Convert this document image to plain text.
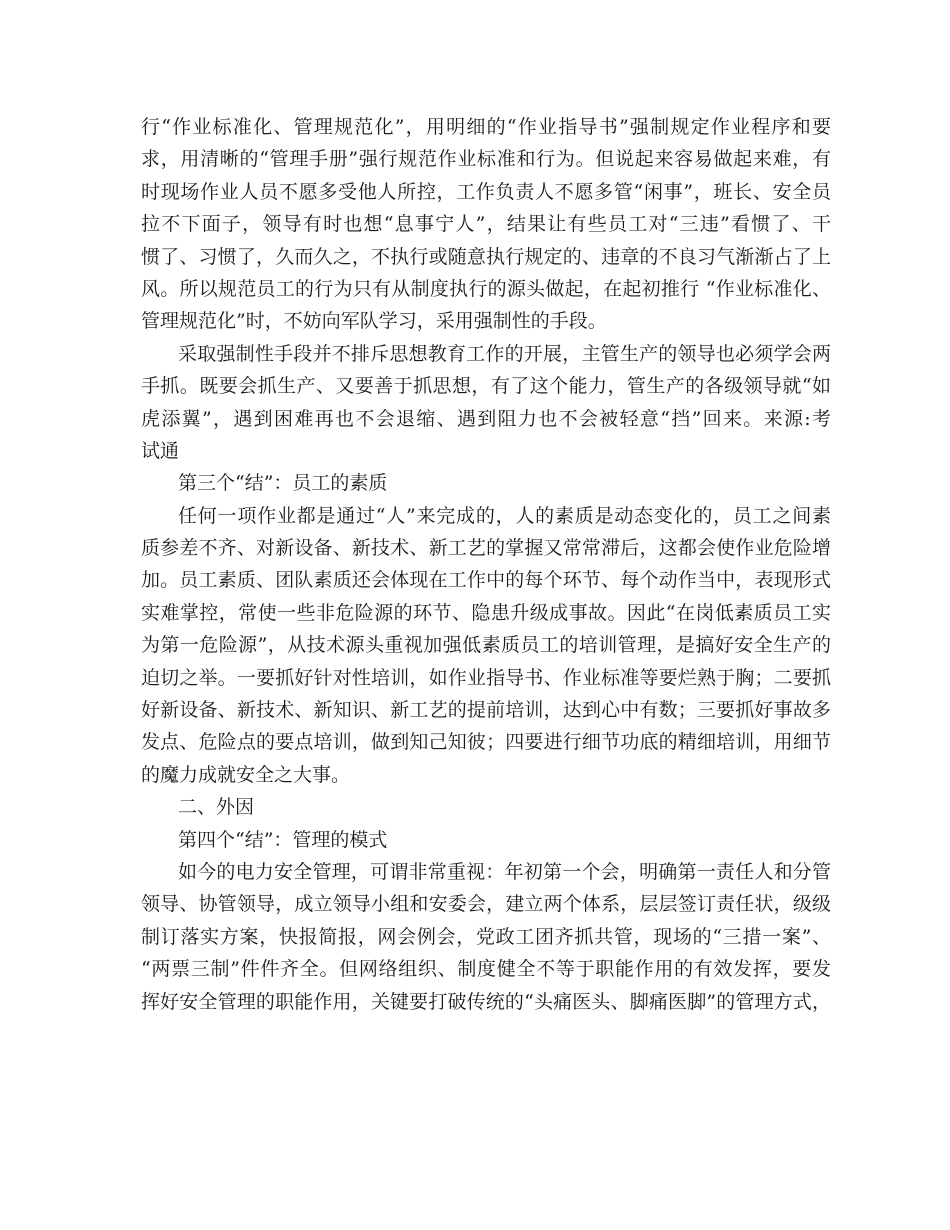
行“作业标准化、管理规范化”，用明细的“作业指导书”强制规定作业程序和要
求，用清晰的“管理手册”强行规范作业标准和行为。但说起来容易做起来难，有
时现场作业人员不愿多受他人所控，工作负责人不愿多管“闲事”，班长、安全员
拉不下面子，领导有时也想“息事宁人”，结果让有些员工对“三违”看惯了、干
惯了、习惯了，久而久之，不执行或随意执行规定的、违章的不良习气渐渐占了上
风。所以规范员工的行为只有从制度执行的源头做起，在起初推行 “作业标准化、
管理规范化”时，不妨向军队学习，采用强制性的手段。
采取强制性手段并不排斥思想教育工作的开展，主管生产的领导也必须学会两
手抓。既要会抓生产、又要善于抓思想，有了这个能力，管生产的各级领导就“如
虎添翼”，遇到困难再也不会退缩、遇到阻力也不会被轻意“挡”回来。来源:考
试通
第三个“结”：员工的素质
任何一项作业都是通过“人”来完成的，人的素质是动态变化的，员工之间素
质参差不齐、对新设备、新技术、新工艺的掌握又常常滞后，这都会使作业危险增
加。员工素质、团队素质还会体现在工作中的每个环节、每个动作当中，表现形式
实难掌控，常使一些非危险源的环节、隐患升级成事故。因此“在岗低素质员工实
为第一危险源”，从技术源头重视加强低素质员工的培训管理，是搞好安全生产的
迫切之举。一要抓好针对性培训，如作业指导书、作业标准等要烂熟于胸；二要抓
好新设备、新技术、新知识、新工艺的提前培训，达到心中有数；三要抓好事故多
发点、危险点的要点培训，做到知己知彼；四要进行细节功底的精细培训，用细节
的魔力成就安全之大事。
二、外因
第四个“结”：管理的模式
如今的电力安全管理，可谓非常重视：年初第一个会，明确第一责任人和分管
领导、协管领导，成立领导小组和安委会，建立两个体系，层层签订责任状，级级
制订落实方案，快报简报，网会例会，党政工团齐抓共管，现场的“三措一案”、
“两票三制”件件齐全。但网络组织、制度健全不等于职能作用的有效发挥，要发
挥好安全管理的职能作用，关键要打破传统的“头痛医头、脚痛医脚”的管理方式，
